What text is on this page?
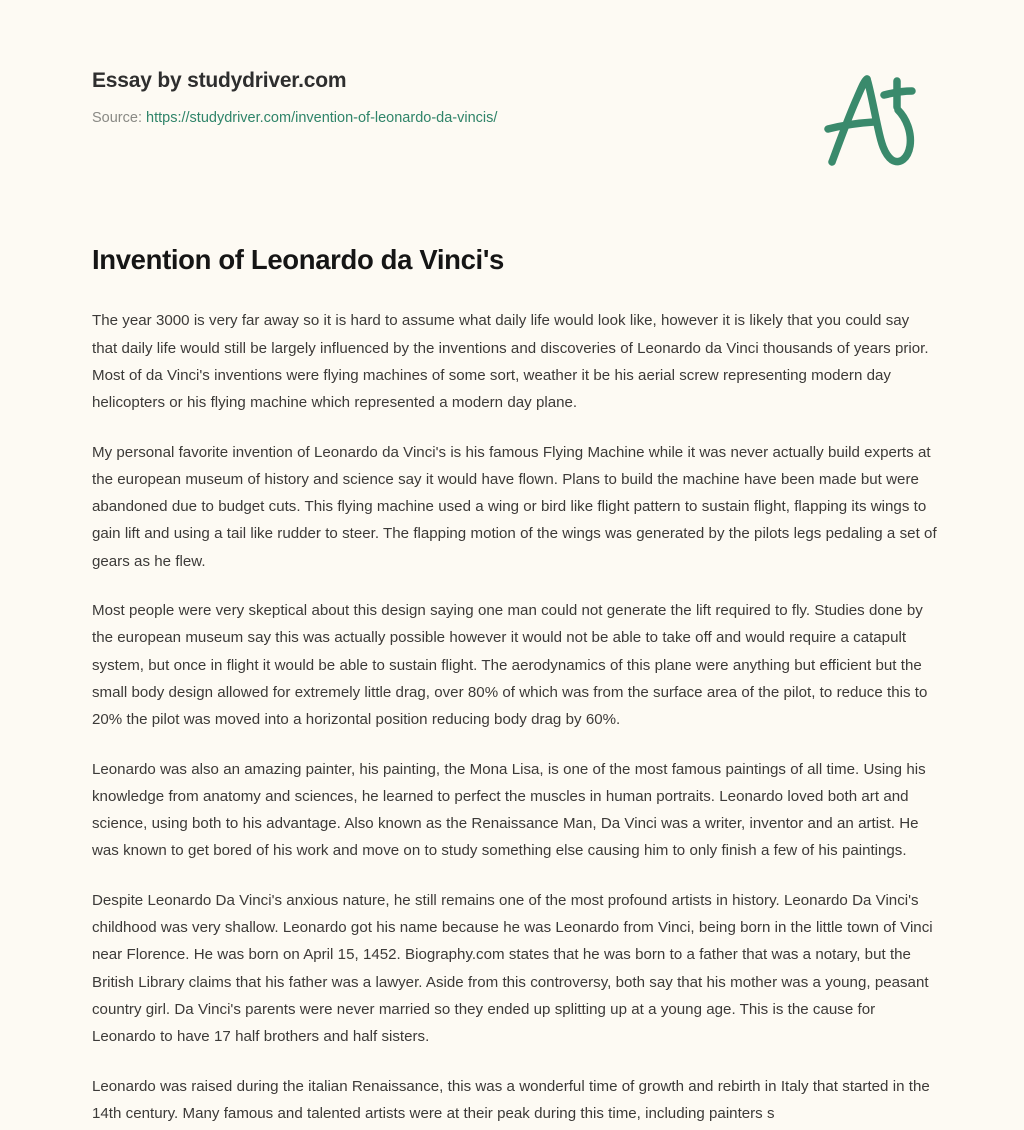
Essay by studydriver.com
Source: https://studydriver.com/invention-of-leonardo-da-vincis/
Invention of Leonardo da Vinci's

The year 3000 is very far away so it is hard to assume what daily life would look like, however it is likely that you could say that daily life would still be largely influenced by the inventions and discoveries of Leonardo da Vinci thousands of years prior. Most of da Vinci's inventions were flying machines of some sort, weather it be his aerial screw representing modern day helicopters or his flying machine which represented a modern day plane.

My personal favorite invention of Leonardo da Vinci's is his famous Flying Machine while it was never actually build experts at the european museum of history and science say it would have flown. Plans to build the machine have been made but were abandoned due to budget cuts. This flying machine used a wing or bird like flight pattern to sustain flight, flapping its wings to gain lift and using a tail like rudder to steer. The flapping motion of the wings was generated by the pilots legs pedaling a set of gears as he flew.

Most people were very skeptical about this design saying one man could not generate the lift required to fly. Studies done by the european museum say this was actually possible however it would not be able to take off and would require a catapult system, but once in flight it would be able to sustain flight. The aerodynamics of this plane were anything but efficient but the small body design allowed for extremely little drag, over 80% of which was from the surface area of the pilot, to reduce this to 20% the pilot was moved into a horizontal position reducing body drag by 60%.

Leonardo was also an amazing painter, his painting, the Mona Lisa, is one of the most famous paintings of all time. Using his knowledge from anatomy and sciences, he learned to perfect the muscles in human portraits. Leonardo loved both art and science, using both to his advantage. Also known as the Renaissance Man, Da Vinci was a writer, inventor and an artist. He was known to get bored of his work and move on to study something else causing him to only finish a few of his paintings.

Despite Leonardo Da Vinci's anxious nature, he still remains one of the most profound artists in history. Leonardo Da Vinci's childhood was very shallow. Leonardo got his name because he was Leonardo from Vinci, being born in the little town of Vinci near Florence. He was born on April 15, 1452. Biography.com states that he was born to a father that was a notary, but the British Library claims that his father was a lawyer. Aside from this controversy, both say that his mother was a young, peasant country girl. Da Vinci's parents were never married so they ended up splitting up at a young age. This is the cause for Leonardo to have 17 half brothers and half sisters.

Leonardo was raised during the italian Renaissance, this was a wonderful time of growth and rebirth in Italy that started in the 14th century. Many famous and talented artists were at their peak during this time, including painters s
